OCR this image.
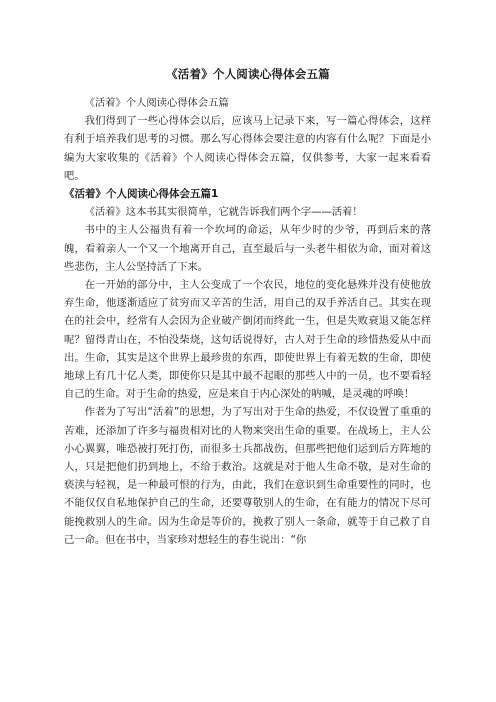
《活着》个人阅读心得体会五篇

《活着》个人阅读心得体会五篇

我们得到了一些心得体会以后，应该马上记录下来，写一篇心得体会，这样有利于培养我们思考的习惯。那么写心得体会要注意的内容有什么呢？下面是小编为大家收集的《活着》个人阅读心得体会五篇，仅供参考，大家一起来看看吧。

《活着》个人阅读心得体会五篇1

《活着》这本书其实很简单，它就告诉我们两个字——活着！

书中的主人公福贵有着一个坎坷的命运，从年少时的少爷，再到后来的落魄，看着亲人一个又一个地离开自己，直至最后与一头老牛相依为命，面对着这些悲伤，主人公坚持活了下来。

在一开始的部分中，主人公变成了一个农民，地位的变化悬殊并没有使他放弃生命，他逐渐适应了贫穷而又辛苦的生活，用自己的双手养活自己。其实在现在的社会中，经常有人会因为企业破产倒闭而终此一生，但是失败衰退又能怎样呢？留得青山在，不怕没柴烧，这句话说得好，古人对于生命的珍惜热爱从中而出。生命，其实是这个世界上最珍贵的东西，即使世界上有着无数的生命，即使地球上有几十亿人类，即使你只是其中最不起眼的那些人中的一员，也不要看轻自己的生命。对于生命的热爱，应是来自于内心深处的呐喊，是灵魂的呼唤！

作者为了写出“活着”的思想，为了写出对于生命的热爱，不仅设置了重重的苦难，还添加了许多与福贵相对比的人物来突出生命的重要。在战场上，主人公小心翼翼，唯恐被打死打伤，而很多士兵都战伤，但那些把他们运到后方阵地的人，只是把他们扔到地上，不给于救治。这就是对于他人生命不敬，是对生命的亵渎与轻视，是一种最可恨的行为，由此，我们在意识到生命重要性的同时，也不能仅仅自私地保护自己的生命，还要尊敬别人的生命，在有能力的情况下尽可能挽救别人的生命。因为生命是等价的，挽救了别人一条命，就等于自己救了自己一命。但在书中，当家珍对想轻生的春生说出：“你
